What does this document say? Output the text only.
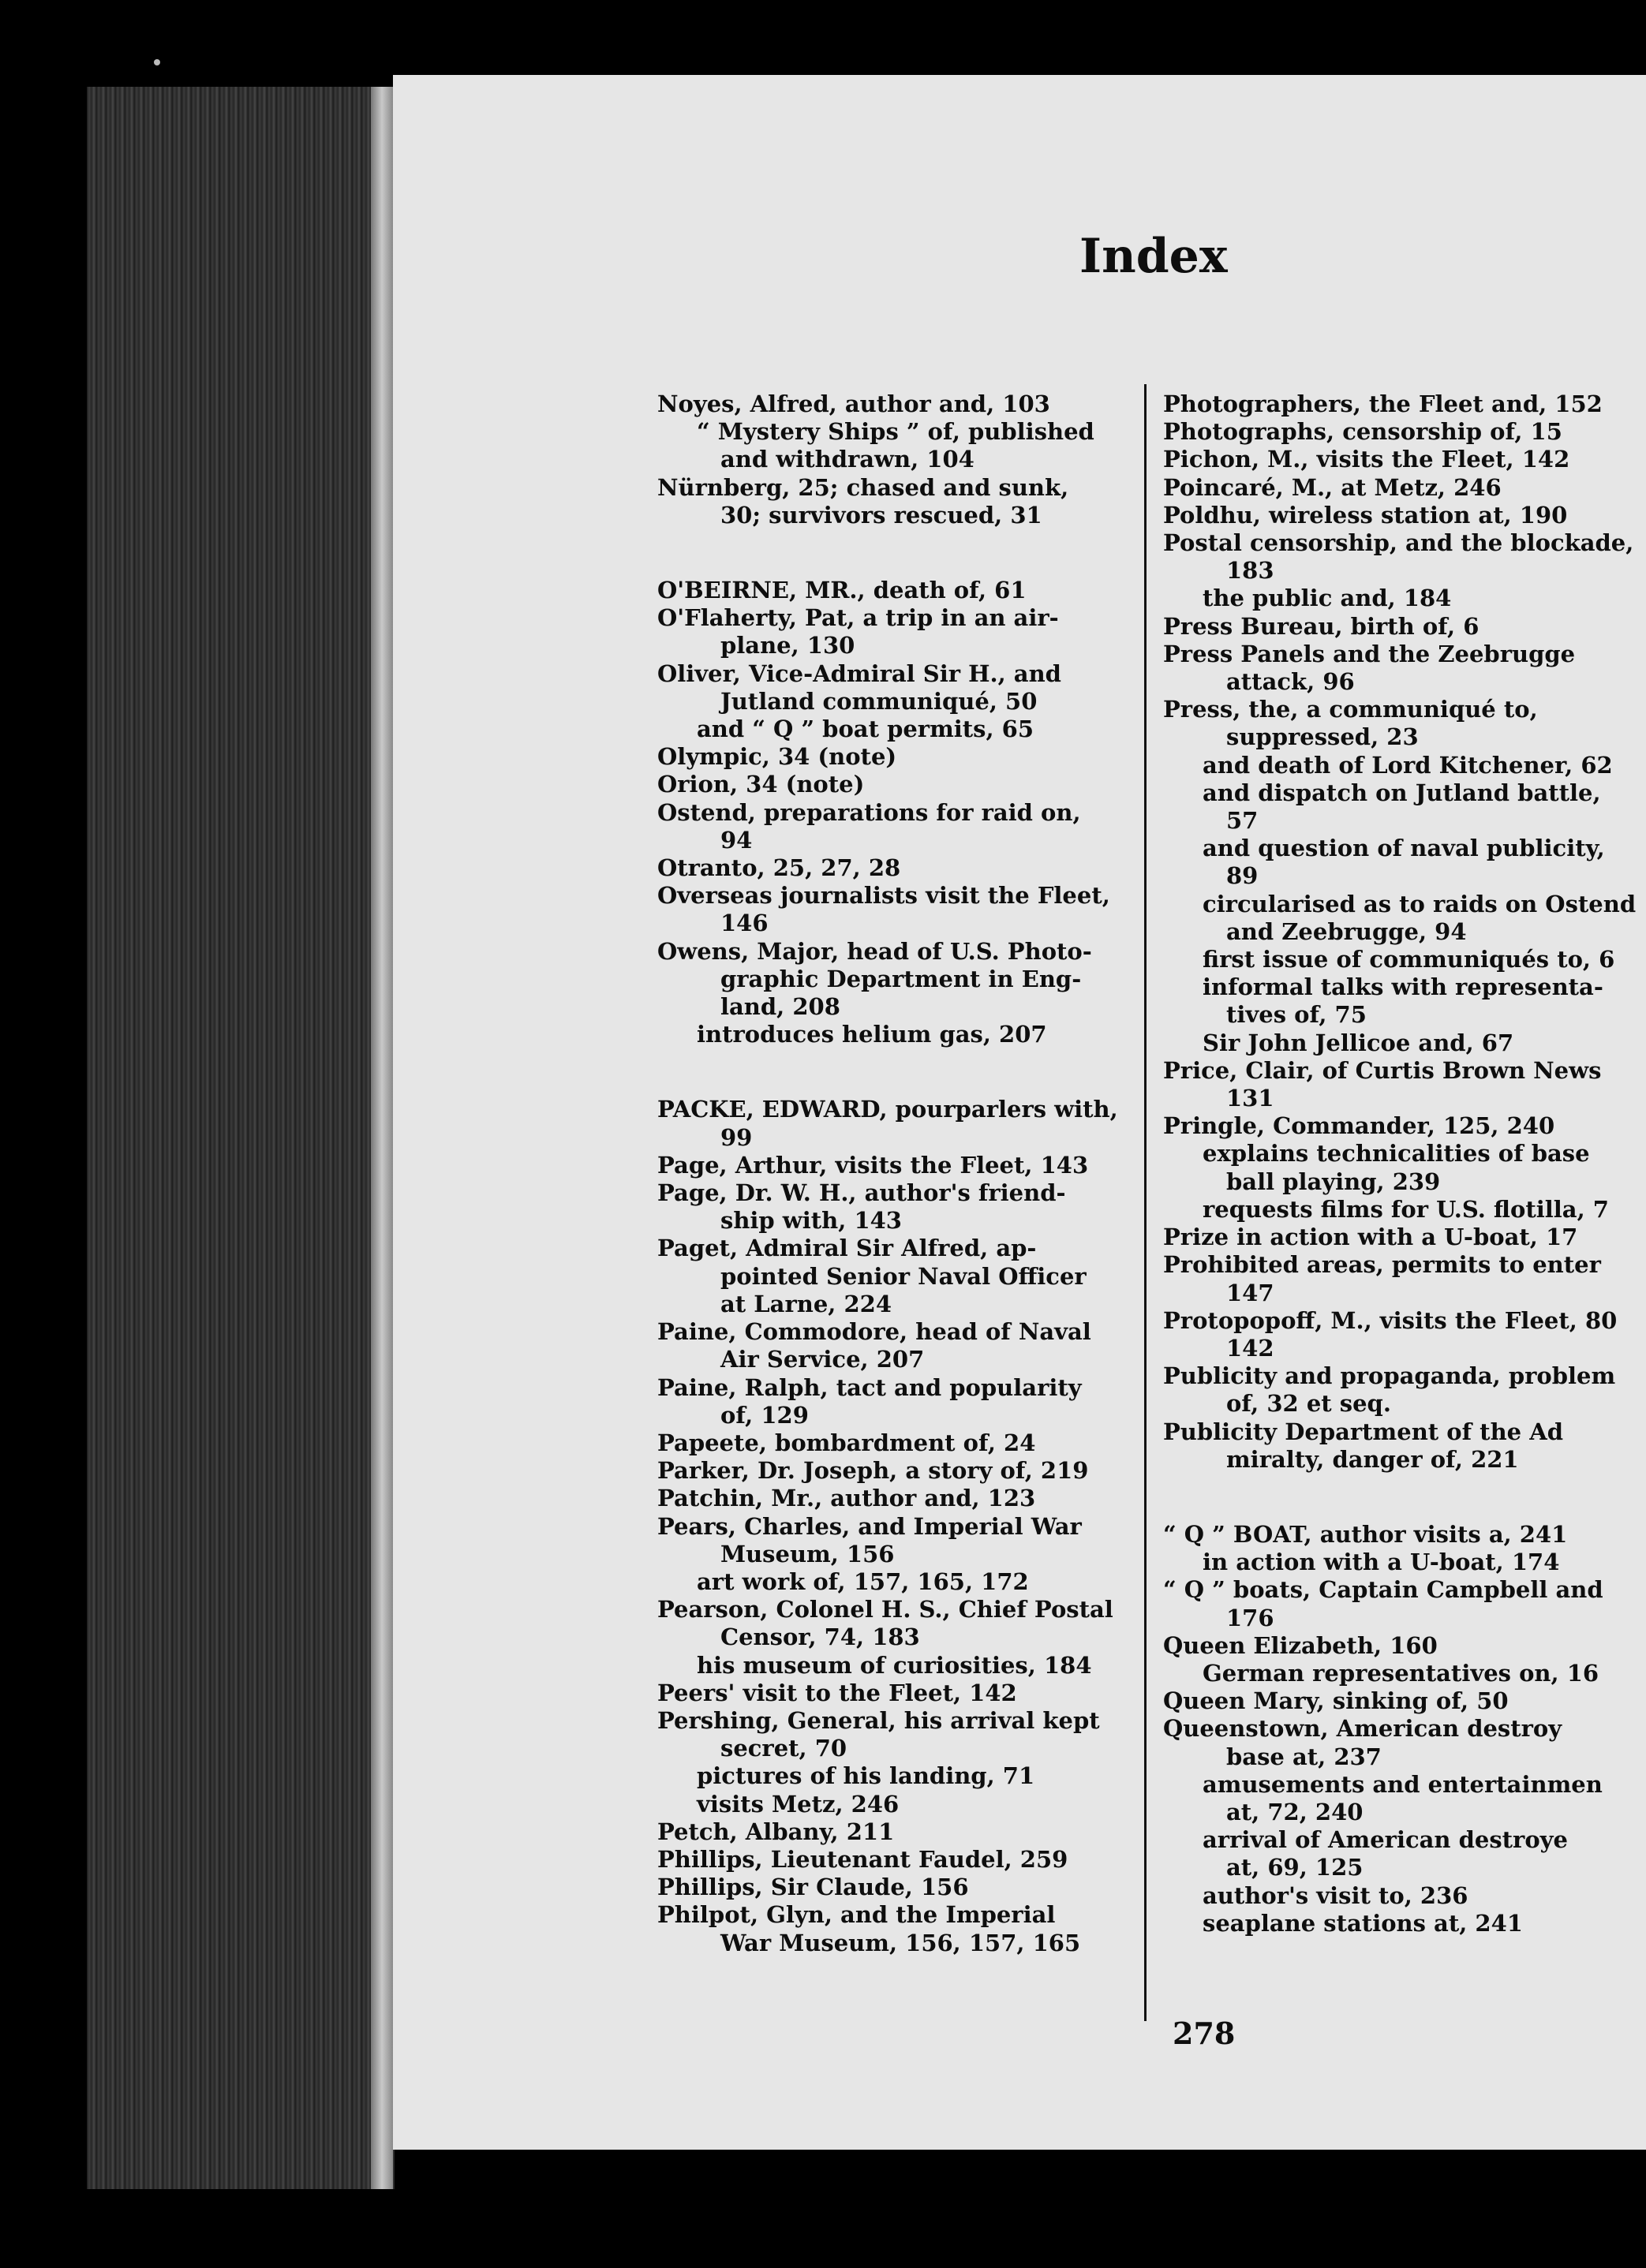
Index
Noyes, Alfred, author and, 103
“ Mystery Ships ” of, published
and withdrawn, 104
Nürnberg, 25; chased and sunk,
30; survivors rescued, 31
O'BEIRNE, MR., death of, 61
O'Flaherty, Pat, a trip in an air-
plane, 130
Oliver, Vice-Admiral Sir H., and
Jutland communiqué, 50
and “ Q ” boat permits, 65
Olympic, 34 (note)
Orion, 34 (note)
Ostend, preparations for raid on,
94
Otranto, 25, 27, 28
Overseas journalists visit the Fleet,
146
Owens, Major, head of U.S. Photo-
graphic Department in Eng-
land, 208
introduces helium gas, 207
PACKE, EDWARD, pourparlers with,
99
Page, Arthur, visits the Fleet, 143
Page, Dr. W. H., author's friend-
ship with, 143
Paget, Admiral Sir Alfred, ap-
pointed Senior Naval Officer
at Larne, 224
Paine, Commodore, head of Naval
Air Service, 207
Paine, Ralph, tact and popularity
of, 129
Papeete, bombardment of, 24
Parker, Dr. Joseph, a story of, 219
Patchin, Mr., author and, 123
Pears, Charles, and Imperial War
Museum, 156
art work of, 157, 165, 172
Pearson, Colonel H. S., Chief Postal
Censor, 74, 183
his museum of curiosities, 184
Peers' visit to the Fleet, 142
Pershing, General, his arrival kept
secret, 70
pictures of his landing, 71
visits Metz, 246
Petch, Albany, 211
Phillips, Lieutenant Faudel, 259
Phillips, Sir Claude, 156
Philpot, Glyn, and the Imperial
War Museum, 156, 157, 165
Photographers, the Fleet and, 152
Photographs, censorship of, 15
Pichon, M., visits the Fleet, 142
Poincaré, M., at Metz, 246
Poldhu, wireless station at, 190
Postal censorship, and the blockade,
183
the public and, 184
Press Bureau, birth of, 6
Press Panels and the Zeebrugge
attack, 96
Press, the, a communiqué to,
suppressed, 23
and death of Lord Kitchener, 62
and dispatch on Jutland battle,
57
and question of naval publicity,
89
circularised as to raids on Ostend
and Zeebrugge, 94
first issue of communiqués to, 6
informal talks with representa-
tives of, 75
Sir John Jellicoe and, 67
Price, Clair, of Curtis Brown News
131
Pringle, Commander, 125, 240
explains technicalities of base
ball playing, 239
requests films for U.S. flotilla, 7
Prize in action with a U-boat, 17
Prohibited areas, permits to enter
147
Protopopoff, M., visits the Fleet, 80
142
Publicity and propaganda, problem
of, 32 et seq.
Publicity Department of the Ad
miralty, danger of, 221
“ Q ” BOAT, author visits a, 241
in action with a U-boat, 174
“ Q ” boats, Captain Campbell and
176
Queen Elizabeth, 160
German representatives on, 16
Queen Mary, sinking of, 50
Queenstown, American destroy
base at, 237
amusements and entertainmen
at, 72, 240
arrival of American destroye
at, 69, 125
author's visit to, 236
seaplane stations at, 241
278
